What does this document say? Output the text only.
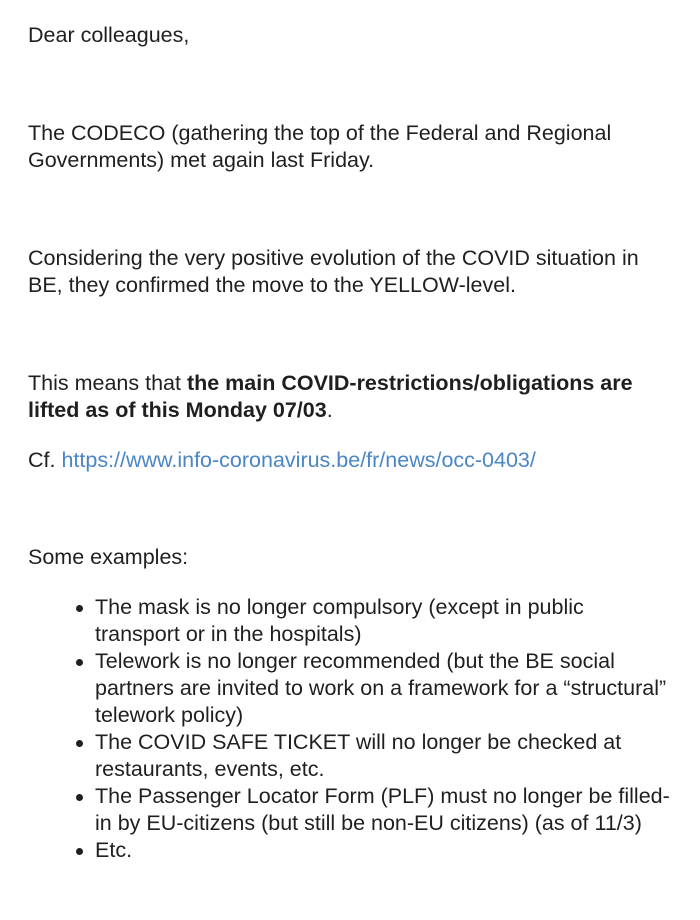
Dear colleagues,

The CODECO (gathering the top of the Federal and Regional Governments) met again last Friday.

Considering the very positive evolution of the COVID situation in BE, they confirmed the move to the YELLOW-level.

This means that the main COVID-restrictions/obligations are lifted as of this Monday 07/03.

Cf. https://www.info-coronavirus.be/fr/news/occ-0403/

Some examples:

The mask is no longer compulsory (except in public transport or in the hospitals)
Telework is no longer recommended (but the BE social partners are invited to work on a framework for a “structural” telework policy)
The COVID SAFE TICKET will no longer be checked at restaurants, events, etc.
The Passenger Locator Form (PLF) must no longer be filled-in by EU-citizens (but still be non-EU citizens) (as of 11/3)
Etc.
